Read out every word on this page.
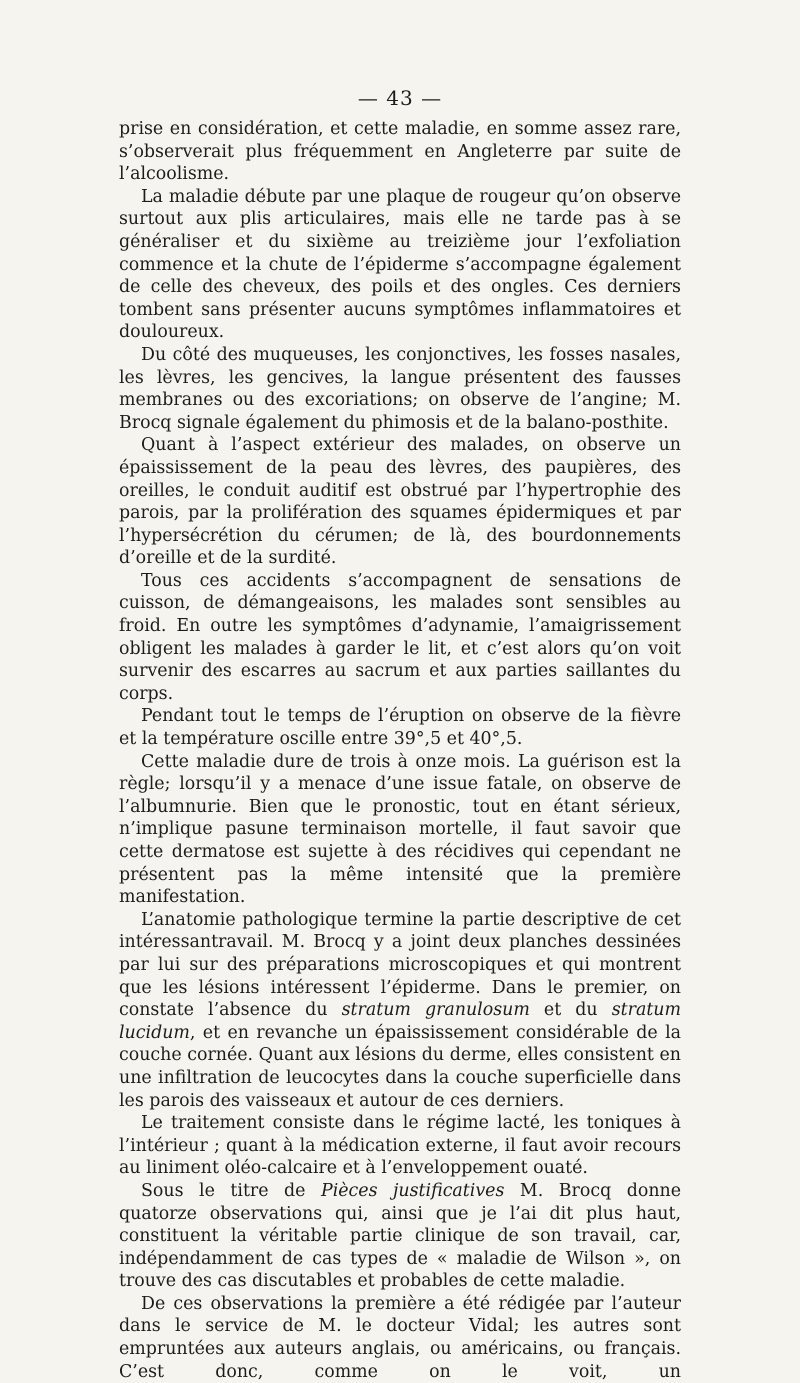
— 43 —

prise en considération, et cette maladie, en somme assez rare, s’observerait plus fréquemment en Angleterre par suite de l’alcoolisme.

La maladie débute par une plaque de rougeur qu’on observe surtout aux plis articulaires, mais elle ne tarde pas à se généraliser et du sixième au treizième jour l’exfoliation commence et la chute de l’épiderme s’accompagne également de celle des cheveux, des poils et des ongles. Ces derniers tombent sans présenter aucuns symptômes inflammatoires et douloureux.

Du côté des muqueuses, les conjonctives, les fosses nasales, les lèvres, les gencives, la langue présentent des fausses membranes ou des excoriations; on observe de l’angine; M. Brocq signale également du phimosis et de la balano-posthite.

Quant à l’aspect extérieur des malades, on observe un épaississement de la peau des lèvres, des paupières, des oreilles, le conduit auditif est obstrué par l’hypertrophie des parois, par la prolifération des squames épidermiques et par l’hypersécrétion du cérumen; de là, des bourdonnements d’oreille et de la surdité.

Tous ces accidents s’accompagnent de sensations de cuisson, de démangeaisons, les malades sont sensibles au froid. En outre les symptômes d’adynamie, l’amaigrissement obligent les malades à garder le lit, et c’est alors qu’on voit survenir des escarres au sacrum et aux parties saillantes du corps.

Pendant tout le temps de l’éruption on observe de la fièvre et la température oscille entre 39°,5 et 40°,5.

Cette maladie dure de trois à onze mois. La guérison est la règle; lorsqu’il y a menace d’une issue fatale, on observe de l’albumnurie. Bien que le pronostic, tout en étant sérieux, n’implique pasune terminaison mortelle, il faut savoir que cette dermatose est sujette à des récidives qui cependant ne présentent pas la même intensité que la première manifestation.

L’anatomie pathologique termine la partie descriptive de cet intéressantravail. M. Brocq y a joint deux planches dessinées par lui sur des préparations microscopiques et qui montrent que les lésions intéressent l’épiderme. Dans le premier, on constate l’absence du stratum granulosum et du stratum lucidum, et en revanche un épaississement considérable de la couche cornée. Quant aux lésions du derme, elles consistent en une infiltration de leucocytes dans la couche superficielle dans les parois des vaisseaux et autour de ces derniers.

Le traitement consiste dans le régime lacté, les toniques à l’intérieur ; quant à la médication externe, il faut avoir recours au liniment oléo-calcaire et à l’enveloppement ouaté.

Sous le titre de Pièces justificatives M. Brocq donne quatorze observations qui, ainsi que je l’ai dit plus haut, constituent la véritable partie clinique de son travail, car, indépendamment de cas types de « maladie de Wilson », on trouve des cas discutables et probables de cette maladie.

De ces observations la première a été rédigée par l’auteur dans le service de M. le docteur Vidal; les autres sont empruntées aux auteurs anglais, ou américains, ou français. C’est donc, comme on le voit, un
